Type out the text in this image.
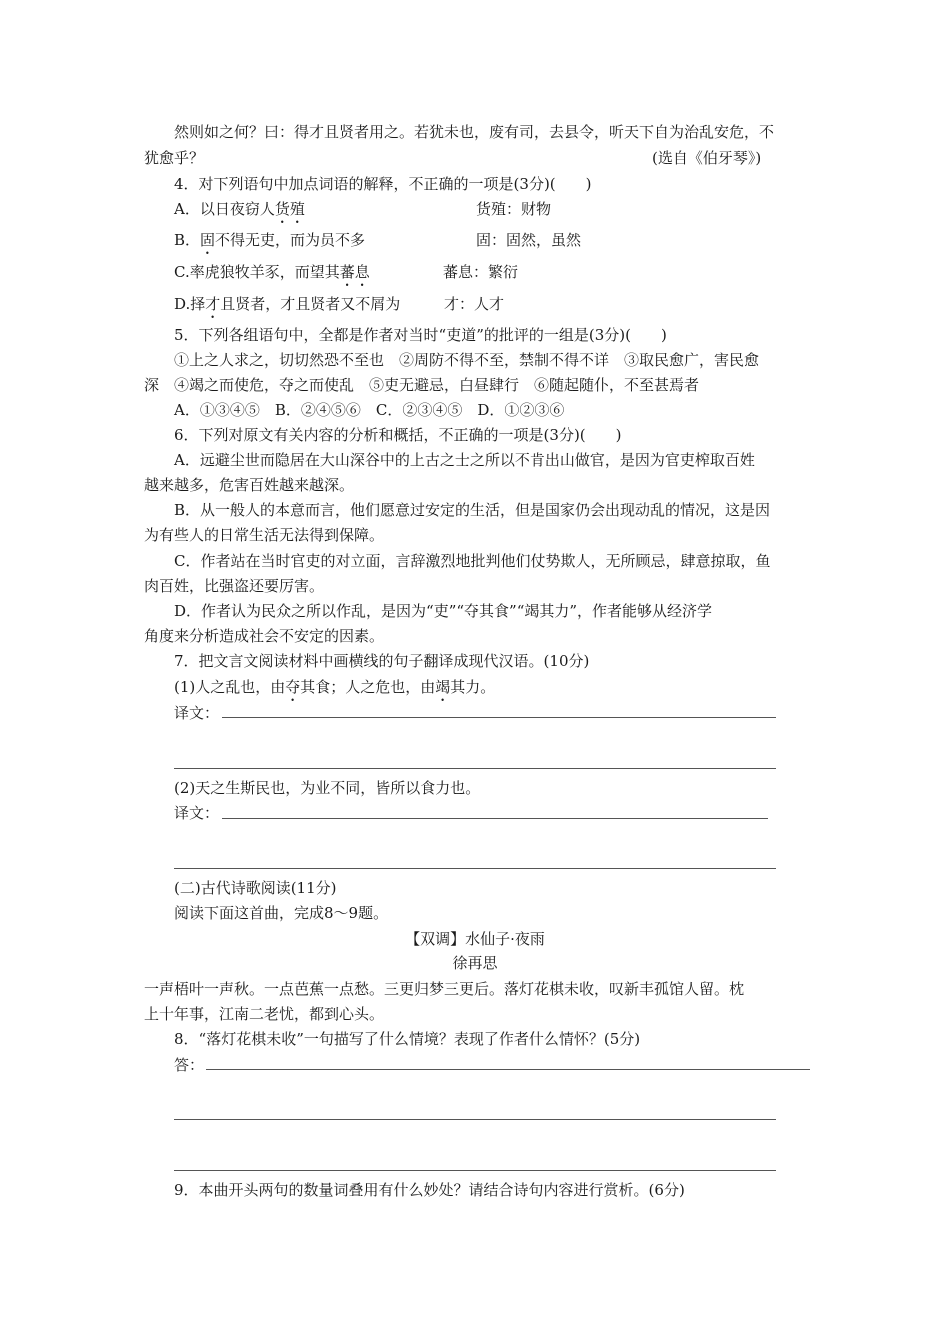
然则如之何？曰：得才且贤者用之。若犹未也，废有司，去县令，听天下自为治乱安危，不
犹愈乎？	(选自《伯牙琴》)
4．对下列语句中加点词语的解释，不正确的一项是(3分)(　　)
A．以日夜窃人货殖	货殖：财物
B．固不得无吏，而为员不多	固：固然，虽然
C.率虎狼牧羊豕，而望其蕃息	蕃息：繁衍
D.择才且贤者，才且贤者又不屑为	才：人才
5．下列各组语句中，全都是作者对当时“吏道”的批评的一组是(3分)(　　)
①上之人求之，切切然恐不至也　②周防不得不至，禁制不得不详　③取民愈广，害民愈
深　④竭之而使危，夺之而使乱　⑤吏无避忌，白昼肆行　⑥随起随仆，不至甚焉者
A．①③④⑤　B．②④⑤⑥　C．②③④⑤　D．①②③⑥
6．下列对原文有关内容的分析和概括，不正确的一项是(3分)(　　)
A．远避尘世而隐居在大山深谷中的上古之士之所以不肯出山做官，是因为官吏榨取百姓
越来越多，危害百姓越来越深。
B．从一般人的本意而言，他们愿意过安定的生活，但是国家仍会出现动乱的情况，这是因
为有些人的日常生活无法得到保障。
C．作者站在当时官吏的对立面，言辞激烈地批判他们仗势欺人，无所顾忌，肆意掠取，鱼
肉百姓，比强盗还要厉害。
D．作者认为民众之所以作乱，是因为“吏”“夺其食”“竭其力”，作者能够从经济学
角度来分析造成社会不安定的因素。
7．把文言文阅读材料中画横线的句子翻译成现代汉语。(10分)
(1)人之乱也，由夺其食；人之危也，由竭其力。
译文：
(2)天之生斯民也，为业不同，皆所以食力也。
译文：
(二)古代诗歌阅读(11分)
阅读下面这首曲，完成8～9题。
【双调】水仙子·夜雨
徐再思
一声梧叶一声秋。一点芭蕉一点愁。三更归梦三更后。落灯花棋未收，叹新丰孤馆人留。枕
上十年事，江南二老忧，都到心头。
8．“落灯花棋未收”一句描写了什么情境？表现了作者什么情怀？(5分)
答：
9．本曲开头两句的数量词叠用有什么妙处？请结合诗句内容进行赏析。(6分)
